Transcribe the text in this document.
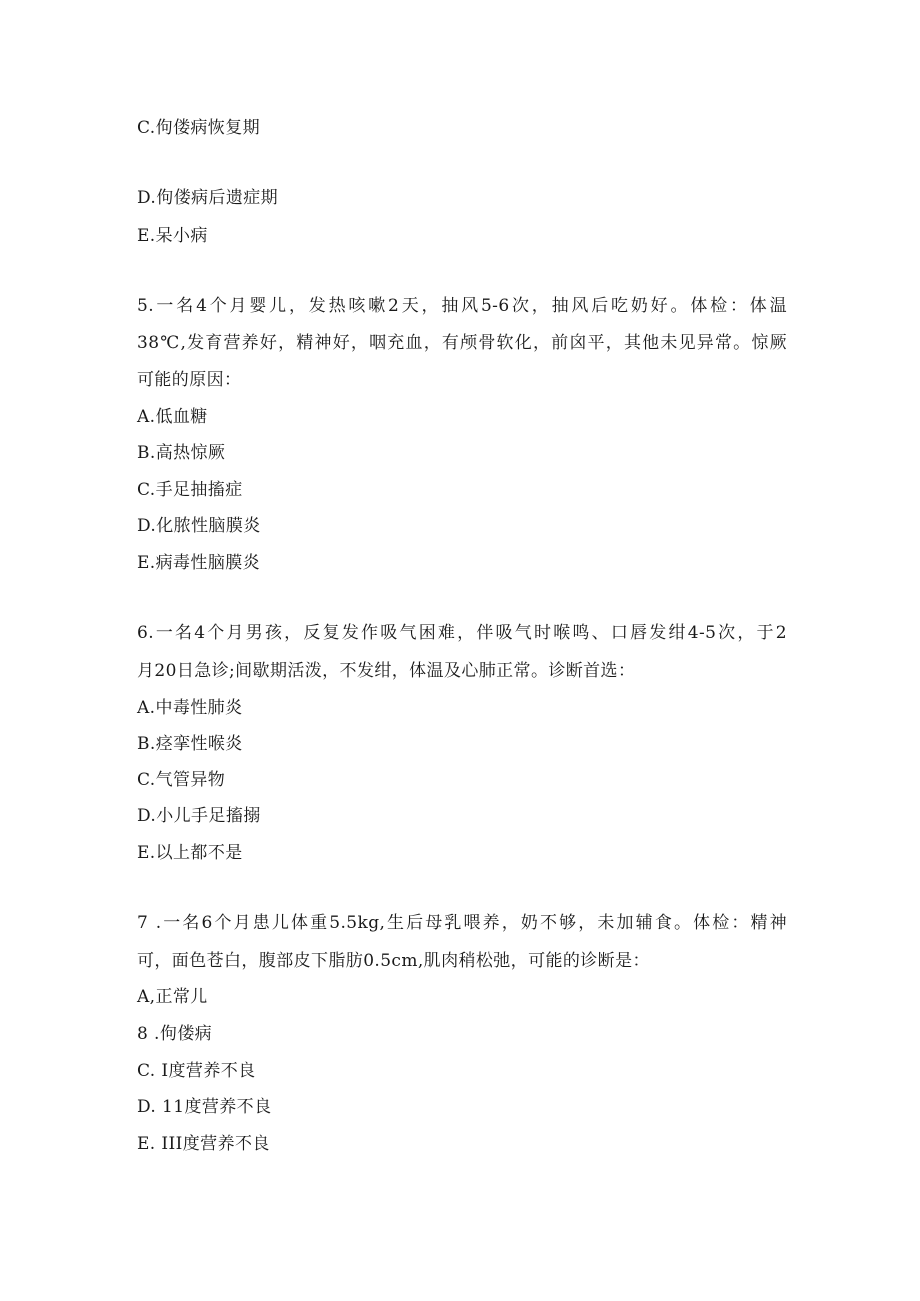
C.佝偻病恢复期
D.佝偻病后遗症期
E.呆小病
5.一名4个月婴儿，发热咳嗽2天，抽风5-6次，抽风后吃奶好。体检：体温
38℃,发育营养好，精神好，咽充血，有颅骨软化，前囟平，其他未见异常。惊厥
可能的原因：
A.低血糖
B.高热惊厥
C.手足抽搐症
D.化脓性脑膜炎
E.病毒性脑膜炎
6.一名4个月男孩，反复发作吸气困难，伴吸气时喉鸣、口唇发绀4-5次，于2
月20日急诊;间歇期活泼，不发绀，体温及心肺正常。诊断首选：
A.中毒性肺炎
B.痉挛性喉炎
C.气管异物
D.小儿手足搐搦
E.以上都不是
7 .一名6个月患儿体重5.5kg,生后母乳喂养，奶不够，未加辅食。体检：精神
可，面色苍白，腹部皮下脂肪0.5cm,肌肉稍松弛，可能的诊断是：
A,正常儿
8 .佝偻病
C. I度营养不良
D. 11度营养不良
E. III度营养不良
